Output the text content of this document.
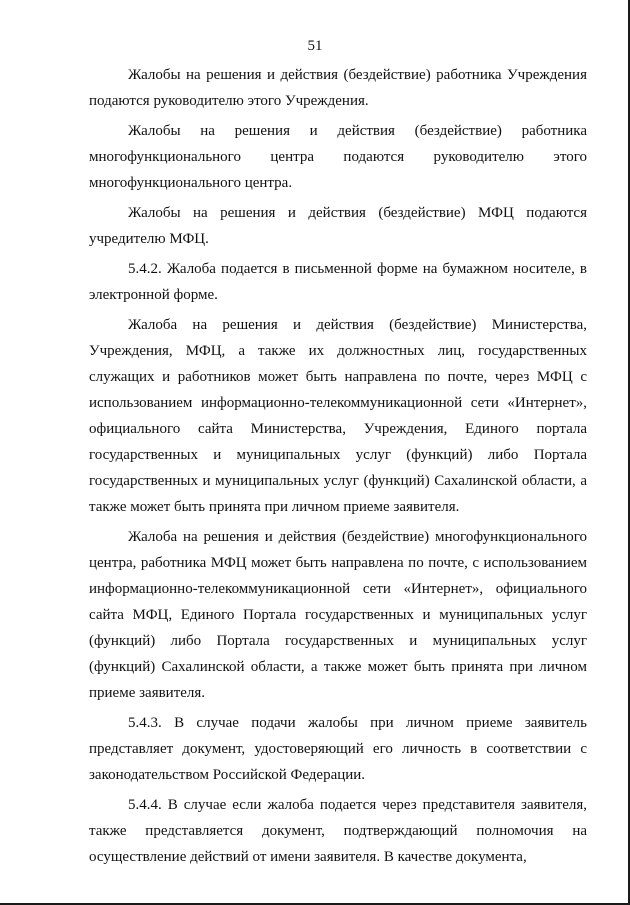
51

Жалобы на решения и действия (бездействие) работника Учреждения подаются руководителю этого Учреждения.

Жалобы на решения и действия (бездействие) работника многофункционального центра подаются руководителю этого многофункционального центра.

Жалобы на решения и действия (бездействие) МФЦ подаются учредителю МФЦ.

5.4.2. Жалоба подается в письменной форме на бумажном носителе, в электронной форме.

Жалоба на решения и действия (бездействие) Министерства, Учреждения, МФЦ, а также их должностных лиц, государственных служащих и работников может быть направлена по почте, через МФЦ с использованием информационно-телекоммуникационной сети «Интернет», официального сайта Министерства, Учреждения, Единого портала государственных и муниципальных услуг (функций) либо Портала государственных и муниципальных услуг (функций) Сахалинской области, а также может быть принята при личном приеме заявителя.

Жалоба на решения и действия (бездействие) многофункционального центра, работника МФЦ может быть направлена по почте, с использованием информационно-телекоммуникационной сети «Интернет», официального сайта МФЦ, Единого Портала государственных и муниципальных услуг (функций) либо Портала государственных и муниципальных услуг (функций) Сахалинской области, а также может быть принята при личном приеме заявителя.

5.4.3. В случае подачи жалобы при личном приеме заявитель представляет документ, удостоверяющий его личность в соответствии с законодательством Российской Федерации.

5.4.4. В случае если жалоба подается через представителя заявителя, также представляется документ, подтверждающий полномочия на осуществление действий от имени заявителя. В качестве документа,
